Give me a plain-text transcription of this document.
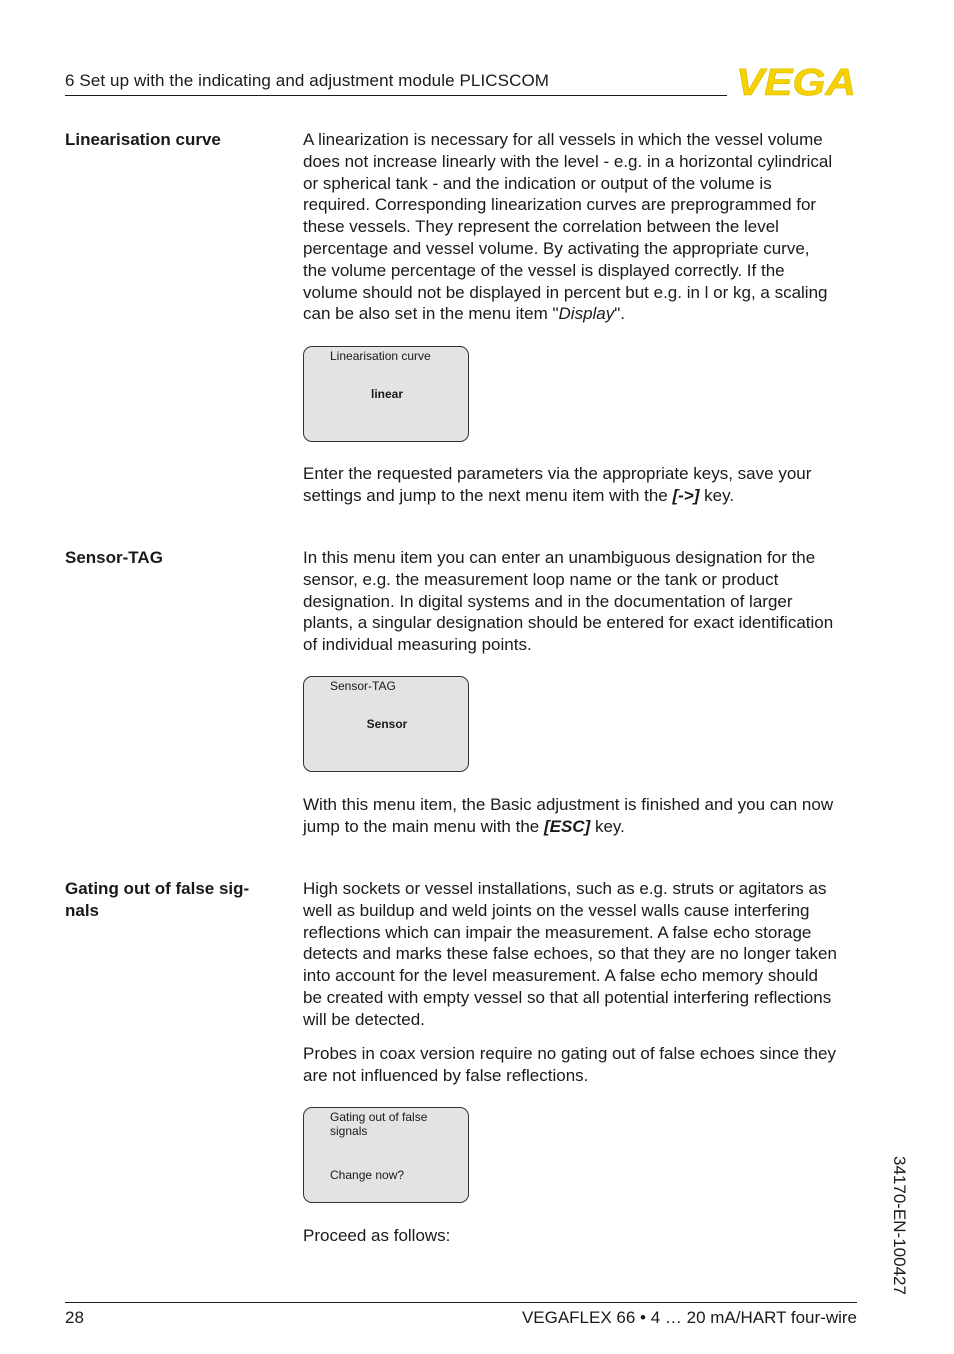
6 Set up with the indicating and adjustment module PLICSCOM	VEGA
Linearisation curve	A linearization is necessary for all vessels in which the vessel volume
does not increase linearly with the level - e.g. in a horizontal cylindrical
or spherical tank - and the indication or output of the volume is
required. Corresponding linearization curves are preprogrammed for
these vessels. They represent the correlation between the level
percentage and vessel volume. By activating the appropriate curve,
the volume percentage of the vessel is displayed correctly. If the
volume should not be displayed in percent but e.g. in l or kg, a scaling
can be also set in the menu item "Display".
Linearisation curve
linear
Enter the requested parameters via the appropriate keys, save your
settings and jump to the next menu item with the [->] key.
Sensor-TAG	In this menu item you can enter an unambiguous designation for the
sensor, e.g. the measurement loop name or the tank or product
designation. In digital systems and in the documentation of larger
plants, a singular designation should be entered for exact identification
of individual measuring points.
Sensor-TAG
Sensor
With this menu item, the Basic adjustment is finished and you can now
jump to the main menu with the [ESC] key.
Gating out of false sig-
nals
High sockets or vessel installations, such as e.g. struts or agitators as
well as buildup and weld joints on the vessel walls cause interfering
reflections which can impair the measurement. A false echo storage
detects and marks these false echoes, so that they are no longer taken
into account for the level measurement. A false echo memory should
be created with empty vessel so that all potential interfering reflections
will be detected.
Probes in coax version require no gating out of false echoes since they
are not influenced by false reflections.
Gating out of false signals
Change now?
Proceed as follows:	34170-EN-100427
28	VEGAFLEX 66 • 4 … 20 mA/HART four-wire
